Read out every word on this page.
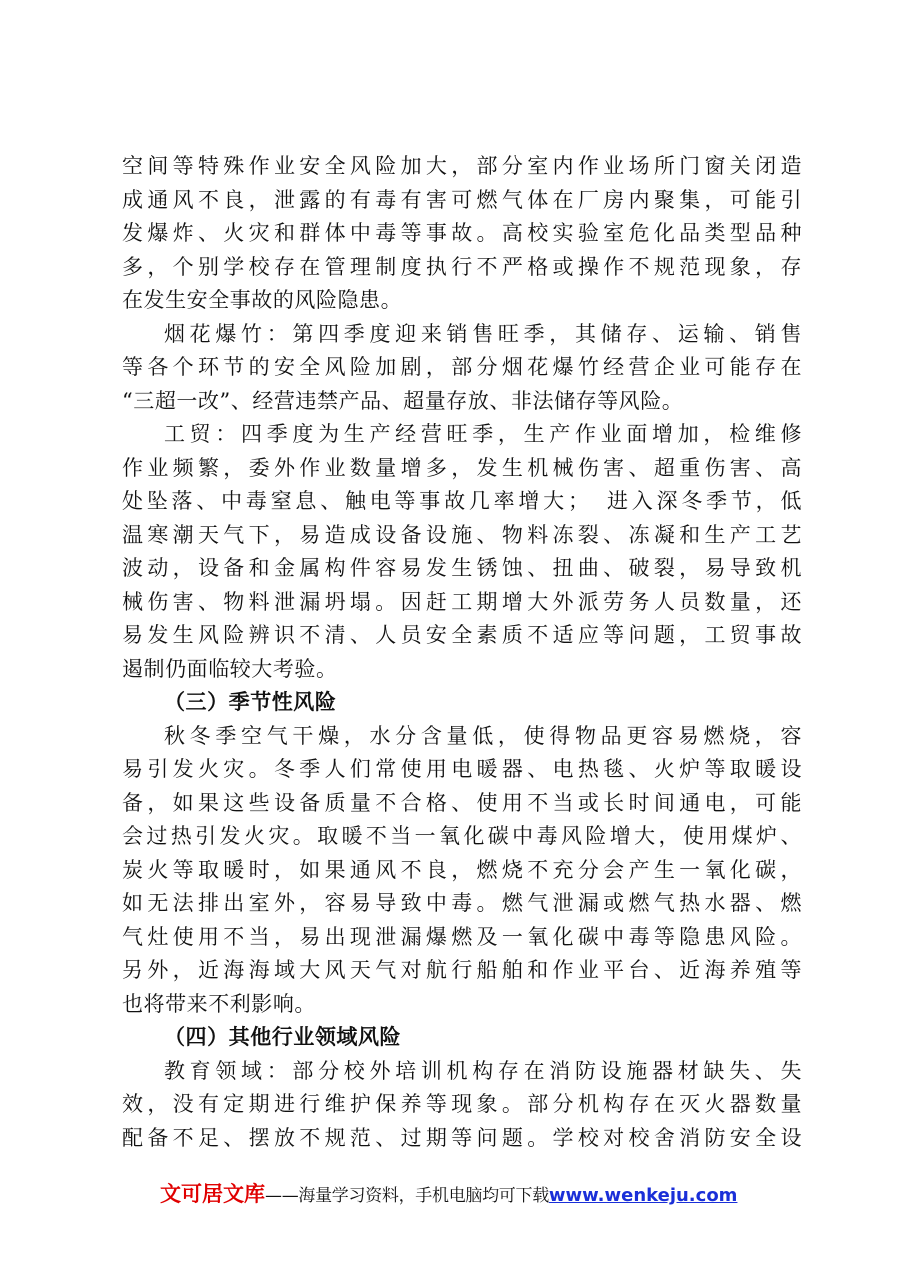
空间等特殊作业安全风险加大，部分室内作业场所门窗关闭造
成通风不良，泄露的有毒有害可燃气体在厂房内聚集，可能引
发爆炸、火灾和群体中毒等事故。高校实验室危化品类型品种
多，个别学校存在管理制度执行不严格或操作不规范现象，存
在发生安全事故的风险隐患。
烟花爆竹：第四季度迎来销售旺季，其储存、运输、销售
等各个环节的安全风险加剧，部分烟花爆竹经营企业可能存在
“三超一改”、经营违禁产品、超量存放、非法储存等风险。
工贸：四季度为生产经营旺季，生产作业面增加，检维修
作业频繁，委外作业数量增多，发生机械伤害、超重伤害、高
处坠落、中毒窒息、触电等事故几率增大；　进入深冬季节，低
温寒潮天气下，易造成设备设施、物料冻裂、冻凝和生产工艺
波动，设备和金属构件容易发生锈蚀、扭曲、破裂，易导致机
械伤害、物料泄漏坍塌。因赶工期增大外派劳务人员数量，还
易发生风险辨识不清、人员安全素质不适应等问题，工贸事故
遏制仍面临较大考验。
（三）季节性风险
秋冬季空气干燥，水分含量低，使得物品更容易燃烧，容
易引发火灾。冬季人们常使用电暖器、电热毯、火炉等取暖设
备，如果这些设备质量不合格、使用不当或长时间通电，可能
会过热引发火灾。取暖不当一氧化碳中毒风险增大，使用煤炉、
炭火等取暖时，如果通风不良，燃烧不充分会产生一氧化碳，
如无法排出室外，容易导致中毒。燃气泄漏或燃气热水器、燃
气灶使用不当，易出现泄漏爆燃及一氧化碳中毒等隐患风险。
另外，近海海域大风天气对航行船舶和作业平台、近海养殖等
也将带来不利影响。
（四）其他行业领域风险
教育领域：部分校外培训机构存在消防设施器材缺失、失
效，没有定期进行维护保养等现象。部分机构存在灭火器数量
配备不足、摆放不规范、过期等问题。学校对校舍消防安全设
文可居文库——海量学习资料，手机电脑均可下载www.wenkeju.com
